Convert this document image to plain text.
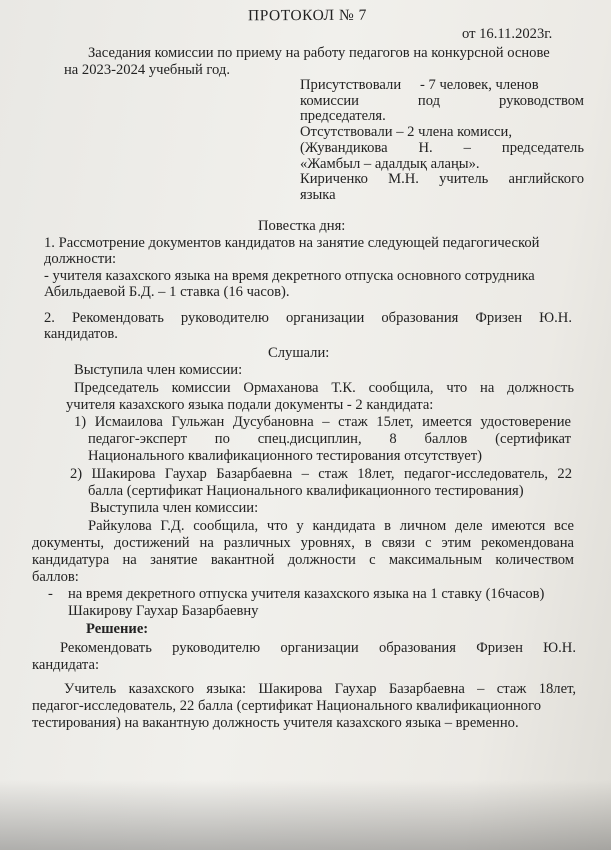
ПРОТОКОЛ № 7
от 16.11.2023г.
Заседания комиссии по приему на работу педагогов на конкурсной основе
на 2023-2024 учебный год.
Присутствовали - 7 человек, членов
комиссии под руководством
председателя.
Отсутствовали – 2 члена комисси,
(Жувандикова Н. – председатель
«Жамбыл – адалдық алаңы».
Кириченко М.Н. учитель английского
языка
Повестка дня:
1. Рассмотрение документов кандидатов на занятие следующей педагогической
должности:
- учителя казахского языка на время декретного отпуска основного сотрудника
Абильдаевой Б.Д. – 1 ставка (16 часов).
2. Рекомендовать руководителю организации образования Фризен Ю.Н.
кандидатов.
Слушали:
Выступила член комиссии:
Председатель комиссии Ормаханова Т.К. сообщила, что на должность
учителя казахского языка подали документы - 2 кандидата:
1) Исмаилова Гульжан Дусубановна – стаж 15лет, имеется удостоверение
педагог-эксперт по спец.дисциплин, 8 баллов (сертификат
Национального квалификационного тестирования отсутствует)
2) Шакирова Гаухар Базарбаевна – стаж 18лет, педагог-исследователь, 22
балла (сертификат Национального квалификационного тестирования)
Выступила член комиссии:
Райкулова Г.Д. сообщила, что у кандидата в личном деле имеются все
документы, достижений на различных уровнях, в связи с этим рекомендована
кандидатура на занятие вакантной должности с максимальным количеством
баллов:
- на время декретного отпуска учителя казахского языка на 1 ставку (16часов)
Шакирову Гаухар Базарбаевну
Решение:
Рекомендовать руководителю организации образования Фризен Ю.Н.
кандидата:
Учитель казахского языка: Шакирова Гаухар Базарбаевна – стаж 18лет,
педагог-исследователь, 22 балла (сертификат Национального квалификационного
тестирования) на вакантную должность учителя казахского языка – временно.
